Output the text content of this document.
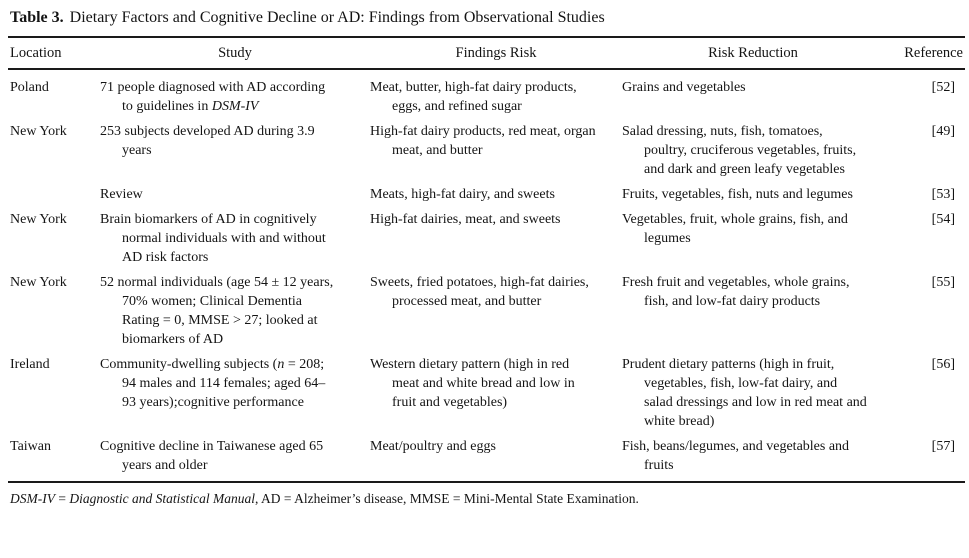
Table 3. Dietary Factors and Cognitive Decline or AD: Findings from Observational Studies
Location	Study	Findings Risk	Risk Reduction	Reference
Poland	71 people diagnosed with AD according to guidelines in DSM-IV	Meat, butter, high-fat dairy products, eggs, and refined sugar	Grains and vegetables	[52]
New York	253 subjects developed AD during 3.9 years	High-fat dairy products, red meat, organ meat, and butter	Salad dressing, nuts, fish, tomatoes, poultry, cruciferous vegetables, fruits, and dark and green leafy vegetables	[49]

	Review	Meats, high-fat dairy, and sweets	Fruits, vegetables, fish, nuts and legumes	[53]
New York	Brain biomarkers of AD in cognitively normal individuals with and without AD risk factors	High-fat dairies, meat, and sweets	Vegetables, fruit, whole grains, fish, and legumes	[54]
New York	52 normal individuals (age 54 ± 12 years, 70% women; Clinical Dementia Rating = 0, MMSE > 27; looked at biomarkers of AD	Sweets, fried potatoes, high-fat dairies, processed meat, and butter	Fresh fruit and vegetables, whole grains, fish, and low-fat dairy products	[55]
Ireland	Community-dwelling subjects (n = 208; 94 males and 114 females; aged 64–93 years);cognitive performance	Western dietary pattern (high in red meat and white bread and low in fruit and vegetables)	Prudent dietary patterns (high in fruit, vegetables, fish, low-fat dairy, and salad dressings and low in red meat and white bread)	[56]
Taiwan	Cognitive decline in Taiwanese aged 65 years and older	Meat/poultry and eggs	Fish, beans/legumes, and vegetables and fruits	[57]
DSM-IV = Diagnostic and Statistical Manual, AD = Alzheimer’s disease, MMSE = Mini-Mental State Examination.
